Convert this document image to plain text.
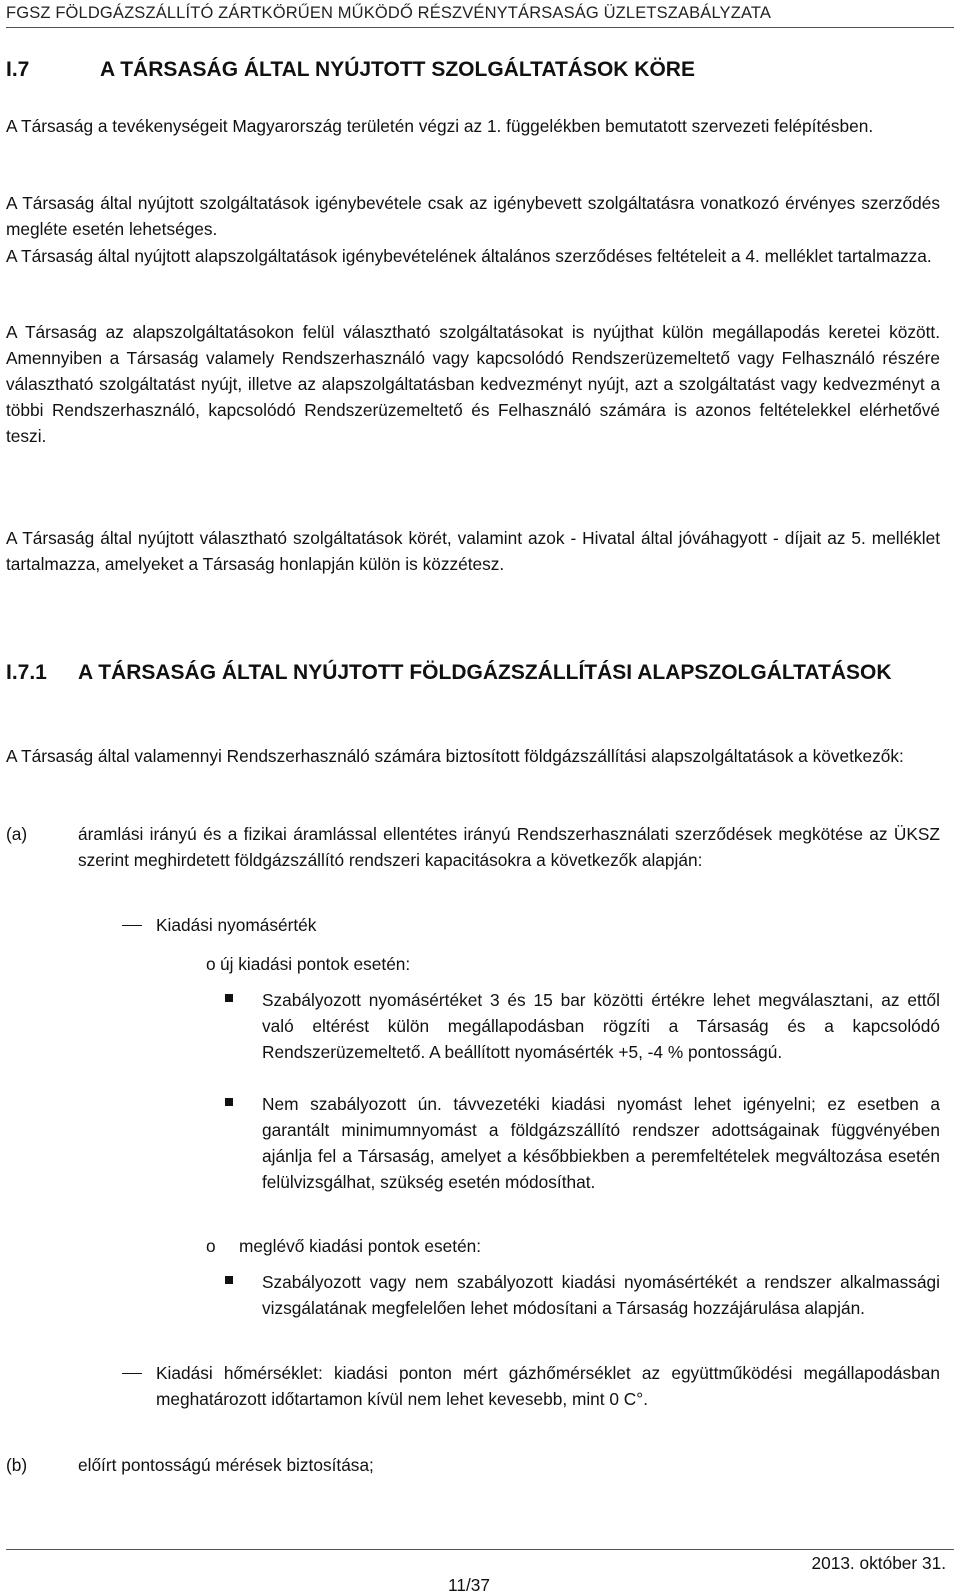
FGSZ FÖLDGÁZSZÁLLÍTÓ ZÁRTKÖRŰEN MŰKÖDŐ RÉSZVÉNYTÁRSASÁG ÜZLETSZABÁLYZATA
I.7	A TÁRSASÁG ÁLTAL NYÚJTOTT SZOLGÁLTATÁSOK KÖRE

A Társaság a tevékenységeit Magyarország területén végzi az 1. függelékben bemutatott szervezeti felépítésben.

A Társaság által nyújtott szolgáltatások igénybevétele csak az igénybevett szolgáltatásra vonatkozó érvényes szerződés megléte esetén lehetséges.

A Társaság által nyújtott alapszolgáltatások igénybevételének általános szerződéses feltételeit a 4. melléklet tartalmazza.

A Társaság az alapszolgáltatásokon felül választható szolgáltatásokat is nyújthat külön megállapodás keretei között. Amennyiben a Társaság valamely Rendszerhasználó vagy kapcsolódó Rendszerüzemeltető vagy Felhasználó részére választható szolgáltatást nyújt, illetve az alapszolgáltatásban kedvezményt nyújt, azt a szolgáltatást vagy kedvezményt a többi Rendszerhasználó, kapcsolódó Rendszerüzemeltető és Felhasználó számára is azonos feltételekkel elérhetővé teszi.

A Társaság által nyújtott választható szolgáltatások körét, valamint azok - Hivatal által jóváhagyott - díjait az 5. melléklet tartalmazza, amelyeket a Társaság honlapján külön is közzétesz.

I.7.1 A TÁRSASÁG ÁLTAL NYÚJTOTT FÖLDGÁZSZÁLLÍTÁSI ALAPSZOLGÁLTATÁSOK

A Társaság által valamennyi Rendszerhasználó számára biztosított földgázszállítási alapszolgáltatások a következők:

(a)	áramlási irányú és a fizikai áramlással ellentétes irányú Rendszerhasználati szerződések megkötése az ÜKSZ szerint meghirdetett földgázszállító rendszeri kapacitásokra a következők alapján:

Kiadási nyomásérték
o új kiadási pontok esetén:

Szabályozott nyomásértéket 3 és 15 bar közötti értékre lehet megválasztani, az ettől való eltérést külön megállapodásban rögzíti a Társaság és a kapcsolódó Rendszerüzemeltető. A beállított nyomásérték +5, -4 % pontosságú.

Nem szabályozott ún. távvezetéki kiadási nyomást lehet igényelni; ez esetben a garantált minimumnyomást a földgázszállító rendszer adottságainak függvényében ajánlja fel a Társaság, amelyet a későbbiekben a peremfeltételek megváltozása esetén felülvizsgálhat, szükség esetén módosíthat.

o meglévő kiadási pontok esetén:

Szabályozott vagy nem szabályozott kiadási nyomásértékét a rendszer alkalmassági vizsgálatának megfelelően lehet módosítani a Társaság hozzájárulása alapján.

Kiadási hőmérséklet: kiadási ponton mért gázhőmérséklet az együttműködési megállapodásban meghatározott időtartamon kívül nem lehet kevesebb, mint 0 C°.

(b)	előírt pontosságú mérések biztosítása;
2013. október 31.
11/37
